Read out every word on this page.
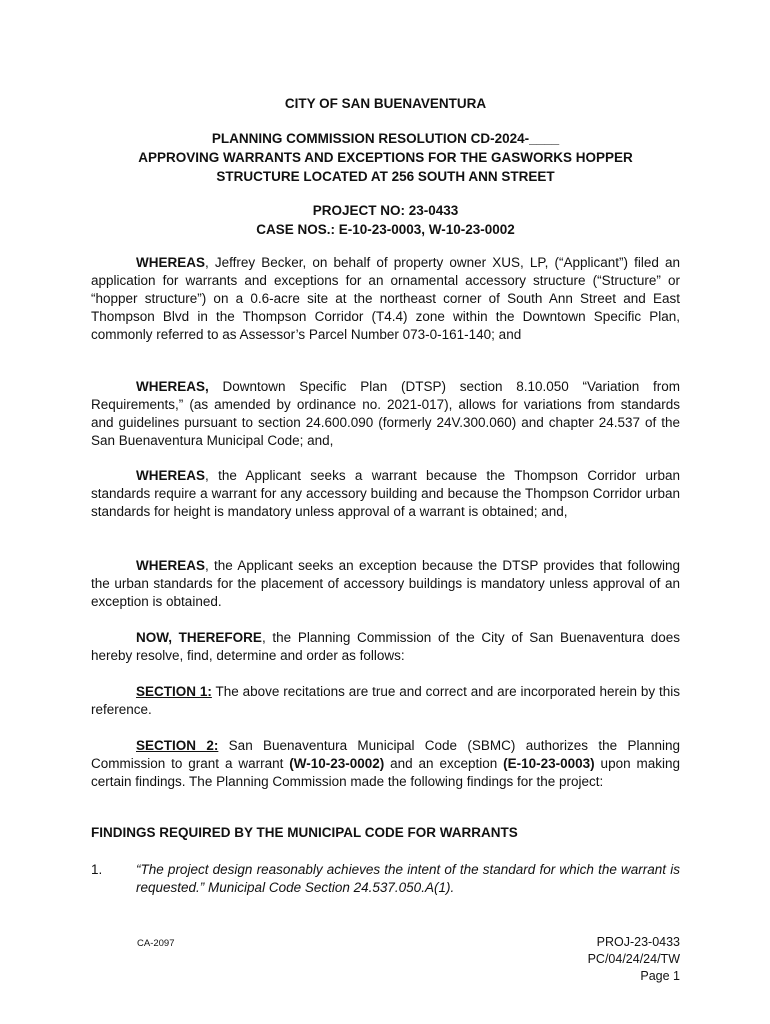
CITY OF SAN BUENAVENTURA
PLANNING COMMISSION RESOLUTION CD-2024-____
APPROVING WARRANTS AND EXCEPTIONS FOR THE GASWORKS HOPPER
STRUCTURE LOCATED AT 256 SOUTH ANN STREET
PROJECT NO: 23-0433
CASE NOS.: E-10-23-0003, W-10-23-0002

WHEREAS, Jeffrey Becker, on behalf of property owner XUS, LP, (“Applicant”) filed an application for warrants and exceptions for an ornamental accessory structure (“Structure” or “hopper structure”) on a 0.6-acre site at the northeast corner of South Ann Street and East Thompson Blvd in the Thompson Corridor (T4.4) zone within the Downtown Specific Plan, commonly referred to as Assessor’s Parcel Number 073-0-161-140; and

WHEREAS, Downtown Specific Plan (DTSP) section 8.10.050 “Variation from Requirements,” (as amended by ordinance no. 2021-017), allows for variations from standards and guidelines pursuant to section 24.600.090 (formerly 24V.300.060) and chapter 24.537 of the San Buenaventura Municipal Code; and,

WHEREAS, the Applicant seeks a warrant because the Thompson Corridor urban standards require a warrant for any accessory building and because the Thompson Corridor urban standards for height is mandatory unless approval of a warrant is obtained; and,

WHEREAS, the Applicant seeks an exception because the DTSP provides that following the urban standards for the placement of accessory buildings is mandatory unless approval of an exception is obtained.

NOW, THEREFORE, the Planning Commission of the City of San Buenaventura does hereby resolve, find, determine and order as follows:

SECTION 1: The above recitations are true and correct and are incorporated herein by this reference.

SECTION 2: San Buenaventura Municipal Code (SBMC) authorizes the Planning Commission to grant a warrant (W-10-23-0002) and an exception (E-10-23-0003) upon making certain findings. The Planning Commission made the following findings for the project:

FINDINGS REQUIRED BY THE MUNICIPAL CODE FOR WARRANTS
1.	“The project design reasonably achieves the intent of the standard for which the warrant is requested.” Municipal Code Section 24.537.050.A(1).
CA-2097	PROJ-23-0433
PC/04/24/24/TW
Page 1
